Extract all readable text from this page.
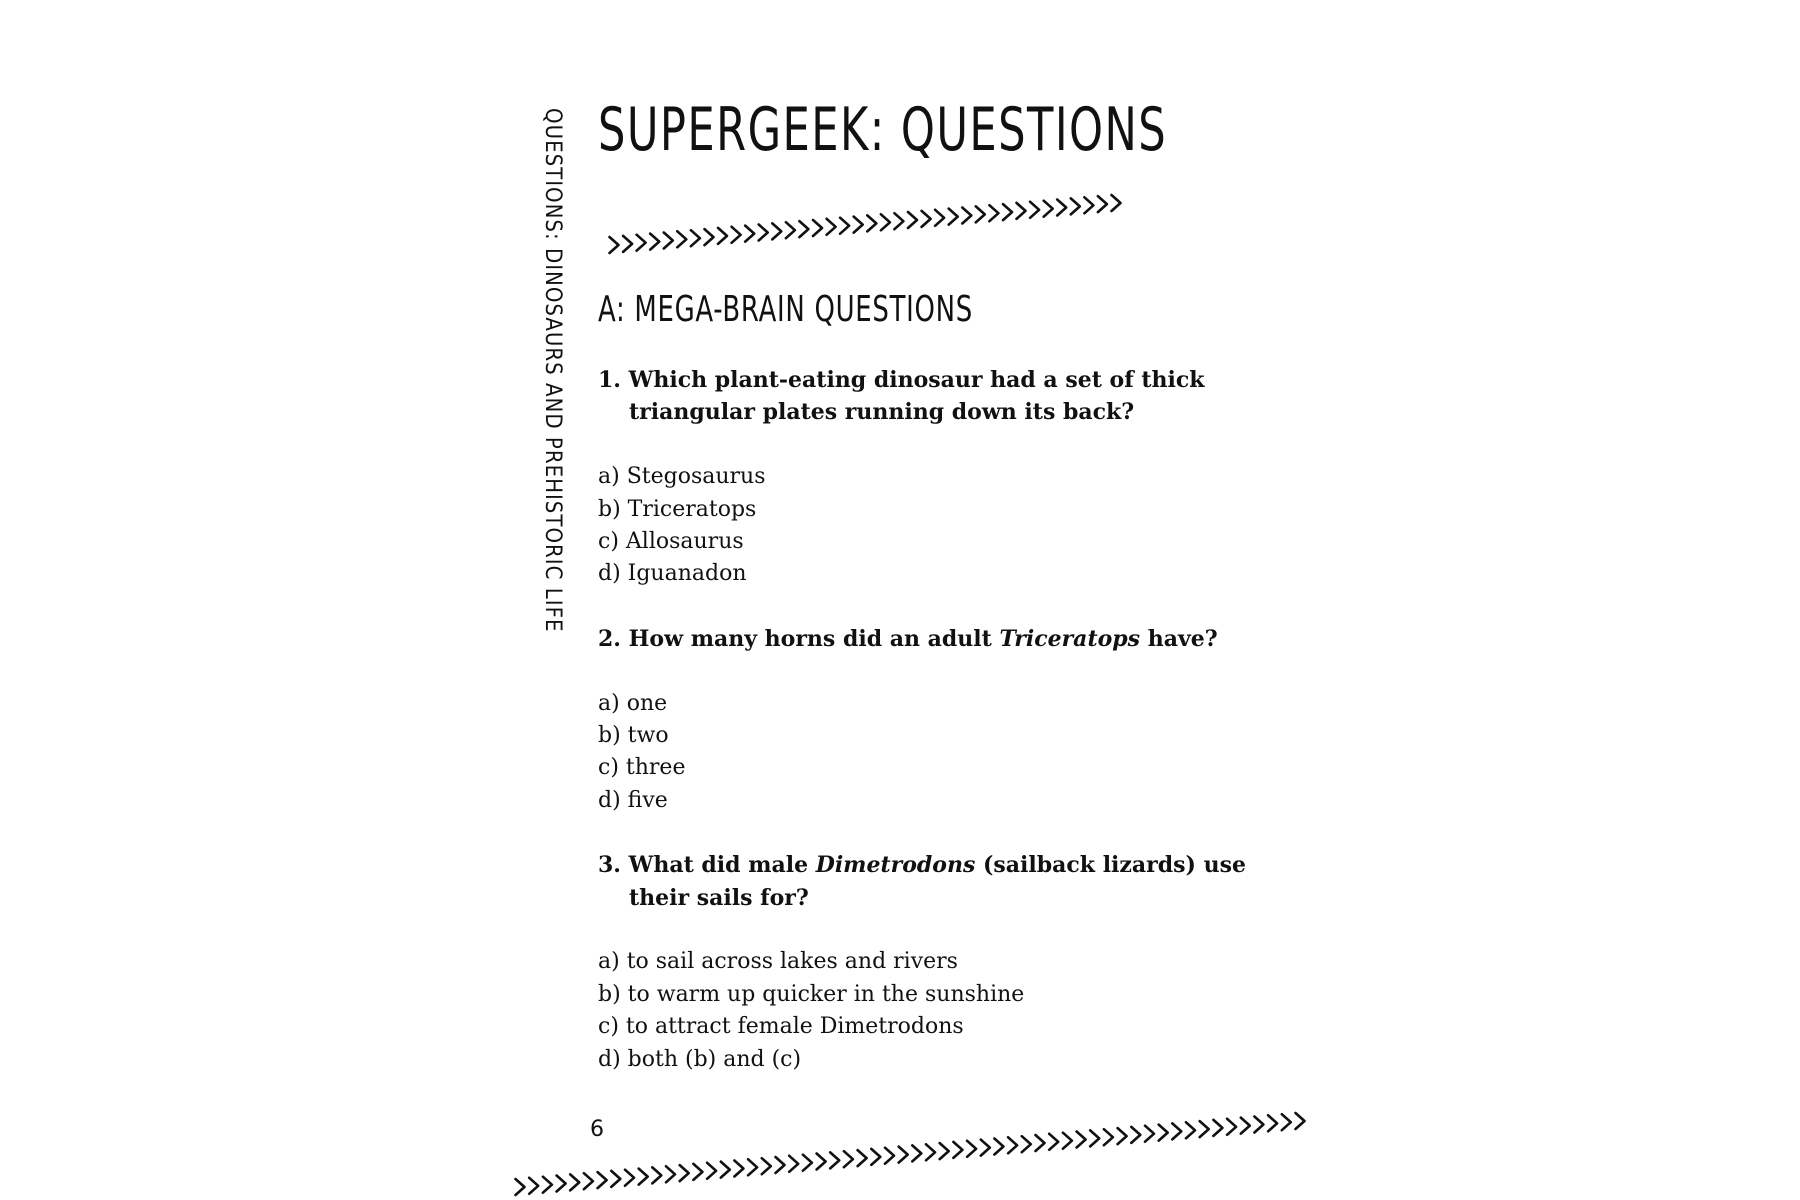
QUESTIONS: DINOSAURS AND PREHISTORIC LIFE SUPERGEEK: QUESTIONS
A: MEGA-BRAIN QUESTIONS

1. Which plant-eating dinosaur had a set of thick triangular plates running down its back?

a) Stegosaurus
b) Triceratops
c) Allosaurus
d) Iguanadon

2. How many horns did an adult Triceratops have?

a) one
b) two
c) three
d) five

3. What did male Dimetrodons (sailback lizards) use their sails for?

a) to sail across lakes and rivers
b) to warm up quicker in the sunshine
c) to attract female Dimetrodons
d) both (b) and (c)
6
